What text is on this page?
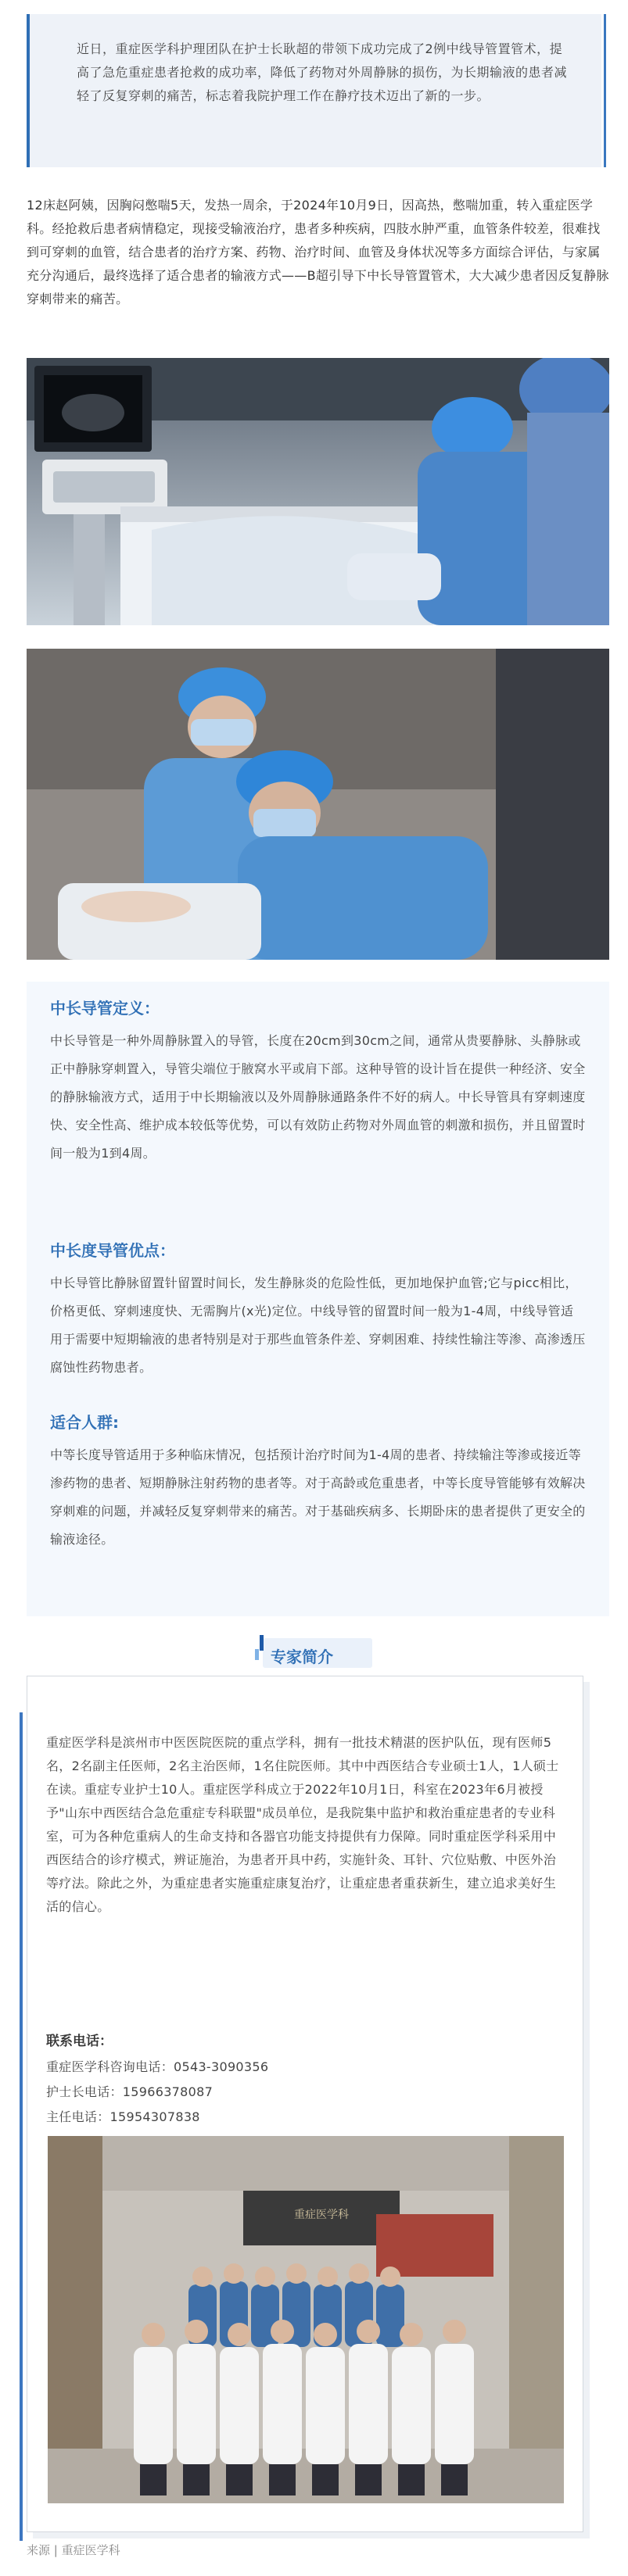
近日，重症医学科护理团队在护士长耿超的带领下成功完成了2例中线导管置管术，提高了急危重症患者抢救的成功率，降低了药物对外周静脉的损伤，为长期输液的患者减轻了反复穿刺的痛苦，标志着我院护理工作在静疗技术迈出了新的一步。

12床赵阿姨，因胸闷憋喘5天，发热一周余，于2024年10月9日，因高热，憋喘加重，转入重症医学科。经抢救后患者病情稳定，现接受输液治疗，患者多种疾病，四肢水肿严重，血管条件较差，很难找到可穿刺的血管，结合患者的治疗方案、药物、治疗时间、血管及身体状况等多方面综合评估，与家属充分沟通后，最终选择了适合患者的输液方式——B超引导下中长导管置管术，大大减少患者因反复静脉穿刺带来的痛苦。

中长导管定义：

中长导管是一种外周静脉置入的导管，长度在20cm到30cm之间，通常从贵要静脉、头静脉或正中静脉穿刺置入，导管尖端位于腋窝水平或肩下部。这种导管的设计旨在提供一种经济、安全的静脉输液方式，适用于中长期输液以及外周静脉通路条件不好的病人。中长导管具有穿刺速度快、安全性高、维护成本较低等优势，可以有效防止药物对外周血管的刺激和损伤，并且留置时间一般为1到4周。

中长度导管优点：

中长导管比静脉留置针留置时间长，发生静脉炎的危险性低，更加地保护血管;它与picc相比，价格更低、穿刺速度快、无需胸片(x光)定位。中线导管的留置时间一般为1-4周，中线导管适用于需要中短期输液的患者特别是对于那些血管条件差、穿刺困难、持续性输注等渗、高渗透压腐蚀性药物患者。

适合人群:

中等长度导管适用于多种临床情况，包括预计治疗时间为1-4周的患者、持续输注等渗或接近等渗药物的患者、短期静脉注射药物的患者等。对于高龄或危重患者，中等长度导管能够有效解决穿刺难的问题，并减轻反复穿刺带来的痛苦。对于基础疾病多、长期卧床的患者提供了更安全的输液途径。

专家简介

重症医学科是滨州市中医医院医院的重点学科，拥有一批技术精湛的医护队伍，现有医师5名，2名副主任医师，2名主治医师，1名住院医师。其中中西医结合专业硕士1人，1人硕士在读。重症专业护士10人。重症医学科成立于2022年10月1日，科室在2023年6月被授予"山东中西医结合急危重症专科联盟"成员单位，是我院集中监护和救治重症患者的专业科室，可为各种危重病人的生命支持和各器官功能支持提供有力保障。同时重症医学科采用中西医结合的诊疗模式，辨证施治，为患者开具中药，实施针灸、耳针、穴位贴敷、中医外治等疗法。除此之外，为重症患者实施重症康复治疗，让重症患者重获新生，建立追求美好生活的信心。

联系电话：

重症医学科咨询电话：0543-3090356

护士长电话：15966378087

主任电话：15954307838

重症医学科
来源 | 重症医学科
